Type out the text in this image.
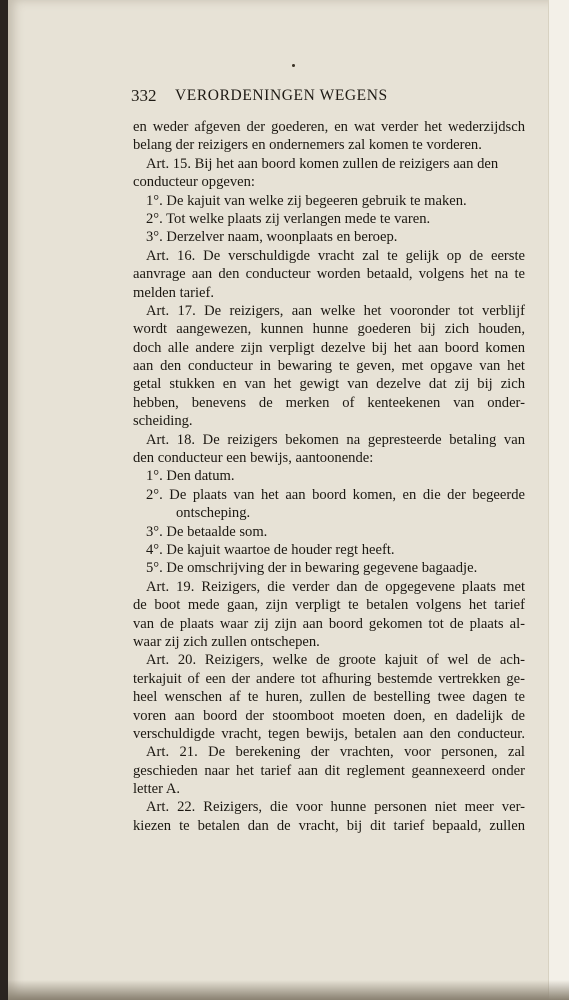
332 VERORDENINGEN WEGENS
en weder afgeven der goederen, en wat verder het wederzijdsch
belang der reizigers en ondernemers zal komen te vorderen.
Art. 15. Bij het aan boord komen zullen de reizigers aan den
conducteur opgeven:
1°. De kajuit van welke zij begeeren gebruik te maken.
2°. Tot welke plaats zij verlangen mede te varen.
3°. Derzelver naam, woonplaats en beroep.
Art. 16. De verschuldigde vracht zal te gelijk op de eerste
aanvrage aan den conducteur worden betaald, volgens het na te
melden tarief.
Art. 17. De reizigers, aan welke het vooronder tot verblijf
wordt aangewezen, kunnen hunne goederen bij zich houden,
doch alle andere zijn verpligt dezelve bij het aan boord komen
aan den conducteur in bewaring te geven, met opgave van het
getal stukken en van het gewigt van dezelve dat zij bij zich
hebben, benevens de merken of kenteekenen van onder-
scheiding.
Art. 18. De reizigers bekomen na gepresteerde betaling van
den conducteur een bewijs, aantoonende:
1°. Den datum.
2°. De plaats van het aan boord komen, en die der begeerde
ontscheping.
3°. De betaalde som.
4°. De kajuit waartoe de houder regt heeft.
5°. De omschrijving der in bewaring gegevene bagaadje.
Art. 19. Reizigers, die verder dan de opgegevene plaats met
de boot mede gaan, zijn verpligt te betalen volgens het tarief
van de plaats waar zij zijn aan boord gekomen tot de plaats al-
waar zij zich zullen ontschepen.
Art. 20. Reizigers, welke de groote kajuit of wel de ach-
terkajuit of een der andere tot afhuring bestemde vertrekken ge-
heel wenschen af te huren, zullen de bestelling twee dagen te
voren aan boord der stoomboot moeten doen, en dadelijk de
verschuldigde vracht, tegen bewijs, betalen aan den conducteur.
Art. 21. De berekening der vrachten, voor personen, zal
geschieden naar het tarief aan dit reglement geannexeerd onder
letter A.
Art. 22. Reizigers, die voor hunne personen niet meer ver-
kiezen te betalen dan de vracht, bij dit tarief bepaald, zullen
